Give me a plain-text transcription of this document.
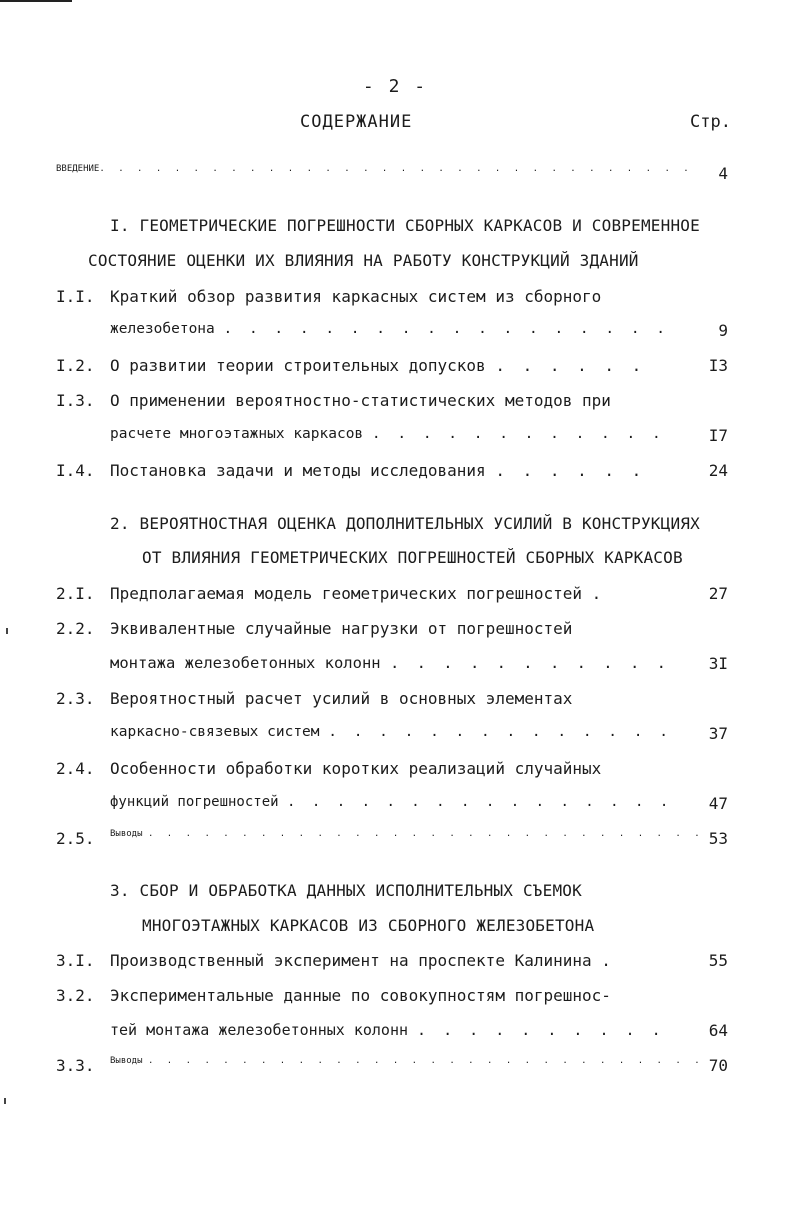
- 2 -
СОДЕРЖАНИЕ	Стр.
ВВЕДЕНИЕ. . . . . . . . . . . . . . . . . . . . . . . . . . . . . . . .	4
I. ГЕОМЕТРИЧЕСКИЕ ПОГРЕШНОСТИ СБОРНЫХ КАРКАСОВ И СОВРЕМЕННОЕ
СОСТОЯНИЕ ОЦЕНКИ ИХ ВЛИЯНИЯ НА РАБОТУ КОНСТРУКЦИЙ ЗДАНИЙ
I.I. Краткий обзор развития каркасных систем из сборного
железобетона . . . . . . . . . . . . . . . . . .	9
I.2. О развитии теории строительных допусков . . . . . .	I3
I.3. О применении вероятностно-статистических методов при
расчете многоэтажных каркасов . . . . . . . . . . . .	I7
I.4. Постановка задачи и методы исследования . . . . . .	24
2. ВЕРОЯТНОСТНАЯ ОЦЕНКА ДОПОЛНИТЕЛЬНЫХ УСИЛИЙ В КОНСТРУКЦИЯХ
ОТ ВЛИЯНИЯ ГЕОМЕТРИЧЕСКИХ ПОГРЕШНОСТЕЙ СБОРНЫХ КАРКАСОВ
2.I. Предполагаемая модель геометрических погрешностей .	27
2.2. Эквивалентные случайные нагрузки от погрешностей
монтажа железобетонных колонн . . . . . . . . . . .	3I
2.3. Вероятностный расчет усилий в основных элементах
каркасно-связевых систем . . . . . . . . . . . . . .	37
2.4. Особенности обработки коротких реализаций случайных
функций погрешностей . . . . . . . . . . . . . . . .	47
2.5. Выводы . . . . . . . . . . . . . . . . . . . . . . . . . . . . . . 53
3. СБОР И ОБРАБОТКА ДАННЫХ ИСПОЛНИТЕЛЬНЫХ СЪЕМОК
МНОГОЭТАЖНЫХ КАРКАСОВ ИЗ СБОРНОГО ЖЕЛЕЗОБЕТОНА
3.I. Производственный эксперимент на проспекте Калинина .	55
3.2. Экспериментальные данные по совокупностям погрешнос-
тей монтажа железобетонных колонн . . . . . . . . . .	64
3.3. Выводы . . . . . . . . . . . . . . . . . . . . . . . . . . . . . . 70
